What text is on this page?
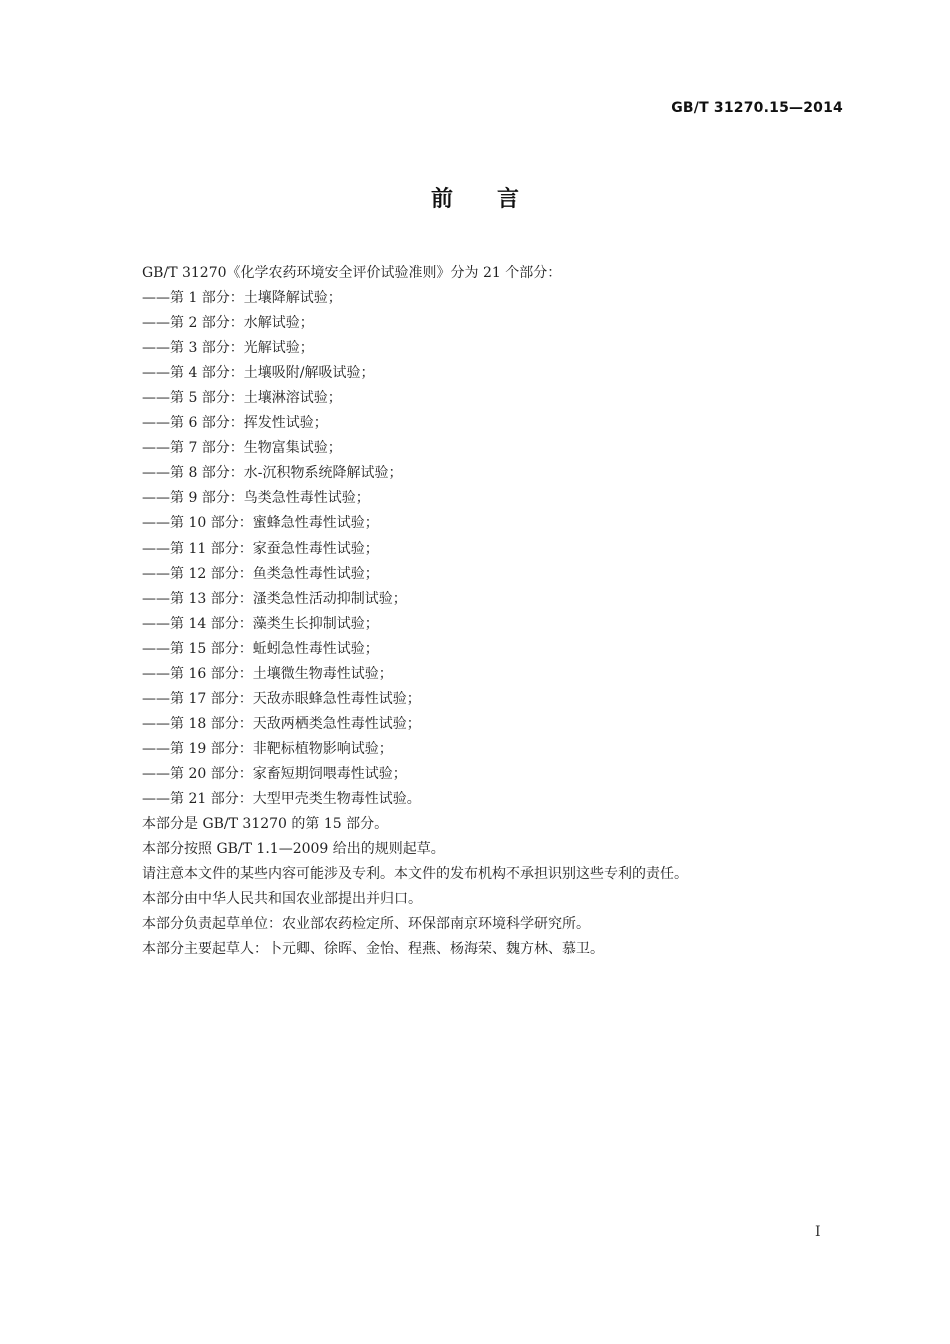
GB/T 31270.15—2014
前言
GB/T 31270《化学农药环境安全评价试验准则》分为 21 个部分：
——第 1 部分：土壤降解试验；
——第 2 部分：水解试验；
——第 3 部分：光解试验；
——第 4 部分：土壤吸附/解吸试验；
——第 5 部分：土壤淋溶试验；
——第 6 部分：挥发性试验；
——第 7 部分：生物富集试验；
——第 8 部分：水-沉积物系统降解试验；
——第 9 部分：鸟类急性毒性试验；
——第 10 部分：蜜蜂急性毒性试验；
——第 11 部分：家蚕急性毒性试验；
——第 12 部分：鱼类急性毒性试验；
——第 13 部分：溞类急性活动抑制试验；
——第 14 部分：藻类生长抑制试验；
——第 15 部分：蚯蚓急性毒性试验；
——第 16 部分：土壤微生物毒性试验；
——第 17 部分：天敌赤眼蜂急性毒性试验；
——第 18 部分：天敌两栖类急性毒性试验；
——第 19 部分：非靶标植物影响试验；
——第 20 部分：家畜短期饲喂毒性试验；
——第 21 部分：大型甲壳类生物毒性试验。
本部分是 GB/T 31270 的第 15 部分。
本部分按照 GB/T 1.1—2009 给出的规则起草。
请注意本文件的某些内容可能涉及专利。本文件的发布机构不承担识别这些专利的责任。
本部分由中华人民共和国农业部提出并归口。
本部分负责起草单位：农业部农药检定所、环保部南京环境科学研究所。
本部分主要起草人：卜元卿、徐晖、金怡、程燕、杨海荣、魏方林、慕卫。
I
